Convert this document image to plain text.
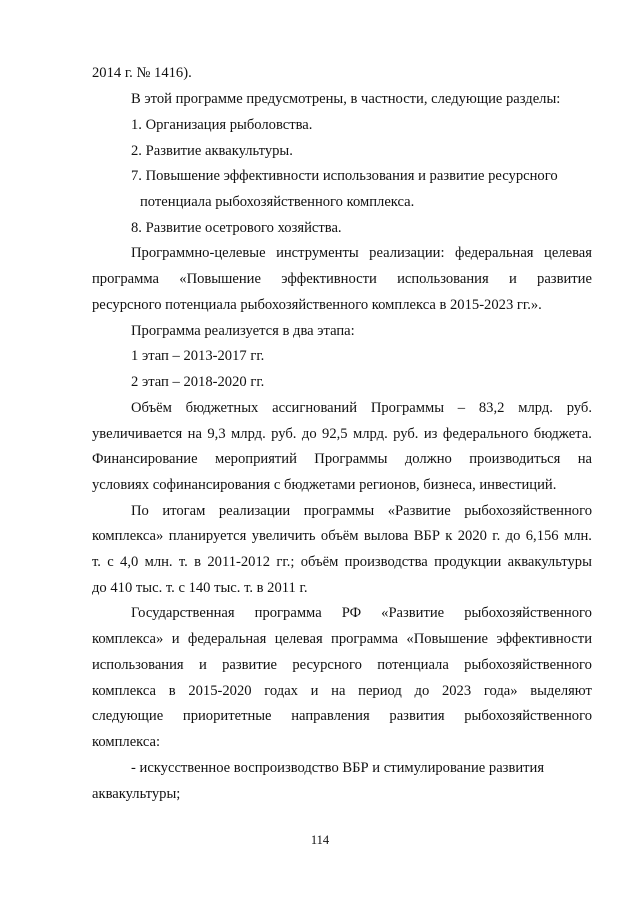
2014 г. № 1416).
В этой программе предусмотрены, в частности, следующие разделы:
1. Организация рыболовства.
2. Развитие аквакультуры.
7. Повышение эффективности использования и развитие ресурсного
потенциала рыбохозяйственного комплекса.
8. Развитие осетрового хозяйства.
Программно-целевые инструменты реализации: федеральная целевая
программа «Повышение эффективности использования и развитие
ресурсного потенциала рыбохозяйственного комплекса в 2015-2023 гг.».
Программа реализуется в два этапа:
1 этап – 2013-2017 гг.
2 этап – 2018-2020 гг.
Объём бюджетных ассигнований Программы – 83,2 млрд. руб.
увеличивается на 9,3 млрд. руб. до 92,5 млрд. руб. из федерального бюджета.
Финансирование мероприятий Программы должно производиться на
условиях софинансирования с бюджетами регионов, бизнеса, инвестиций.
По итогам реализации программы «Развитие рыбохозяйственного
комплекса» планируется увеличить объём вылова ВБР к 2020 г. до 6,156 млн.
т. с 4,0 млн. т. в 2011-2012 гг.; объём производства продукции аквакультуры
до 410 тыс. т. с 140 тыс. т. в 2011 г.
Государственная программа РФ «Развитие рыбохозяйственного
комплекса» и федеральная целевая программа «Повышение эффективности
использования и развитие ресурсного потенциала рыбохозяйственного
комплекса в 2015-2020 годах и на период до 2023 года» выделяют
следующие приоритетные направления развития рыбохозяйственного
комплекса:
- искусственное воспроизводство ВБР и стимулирование развития
аквакультуры;
114
